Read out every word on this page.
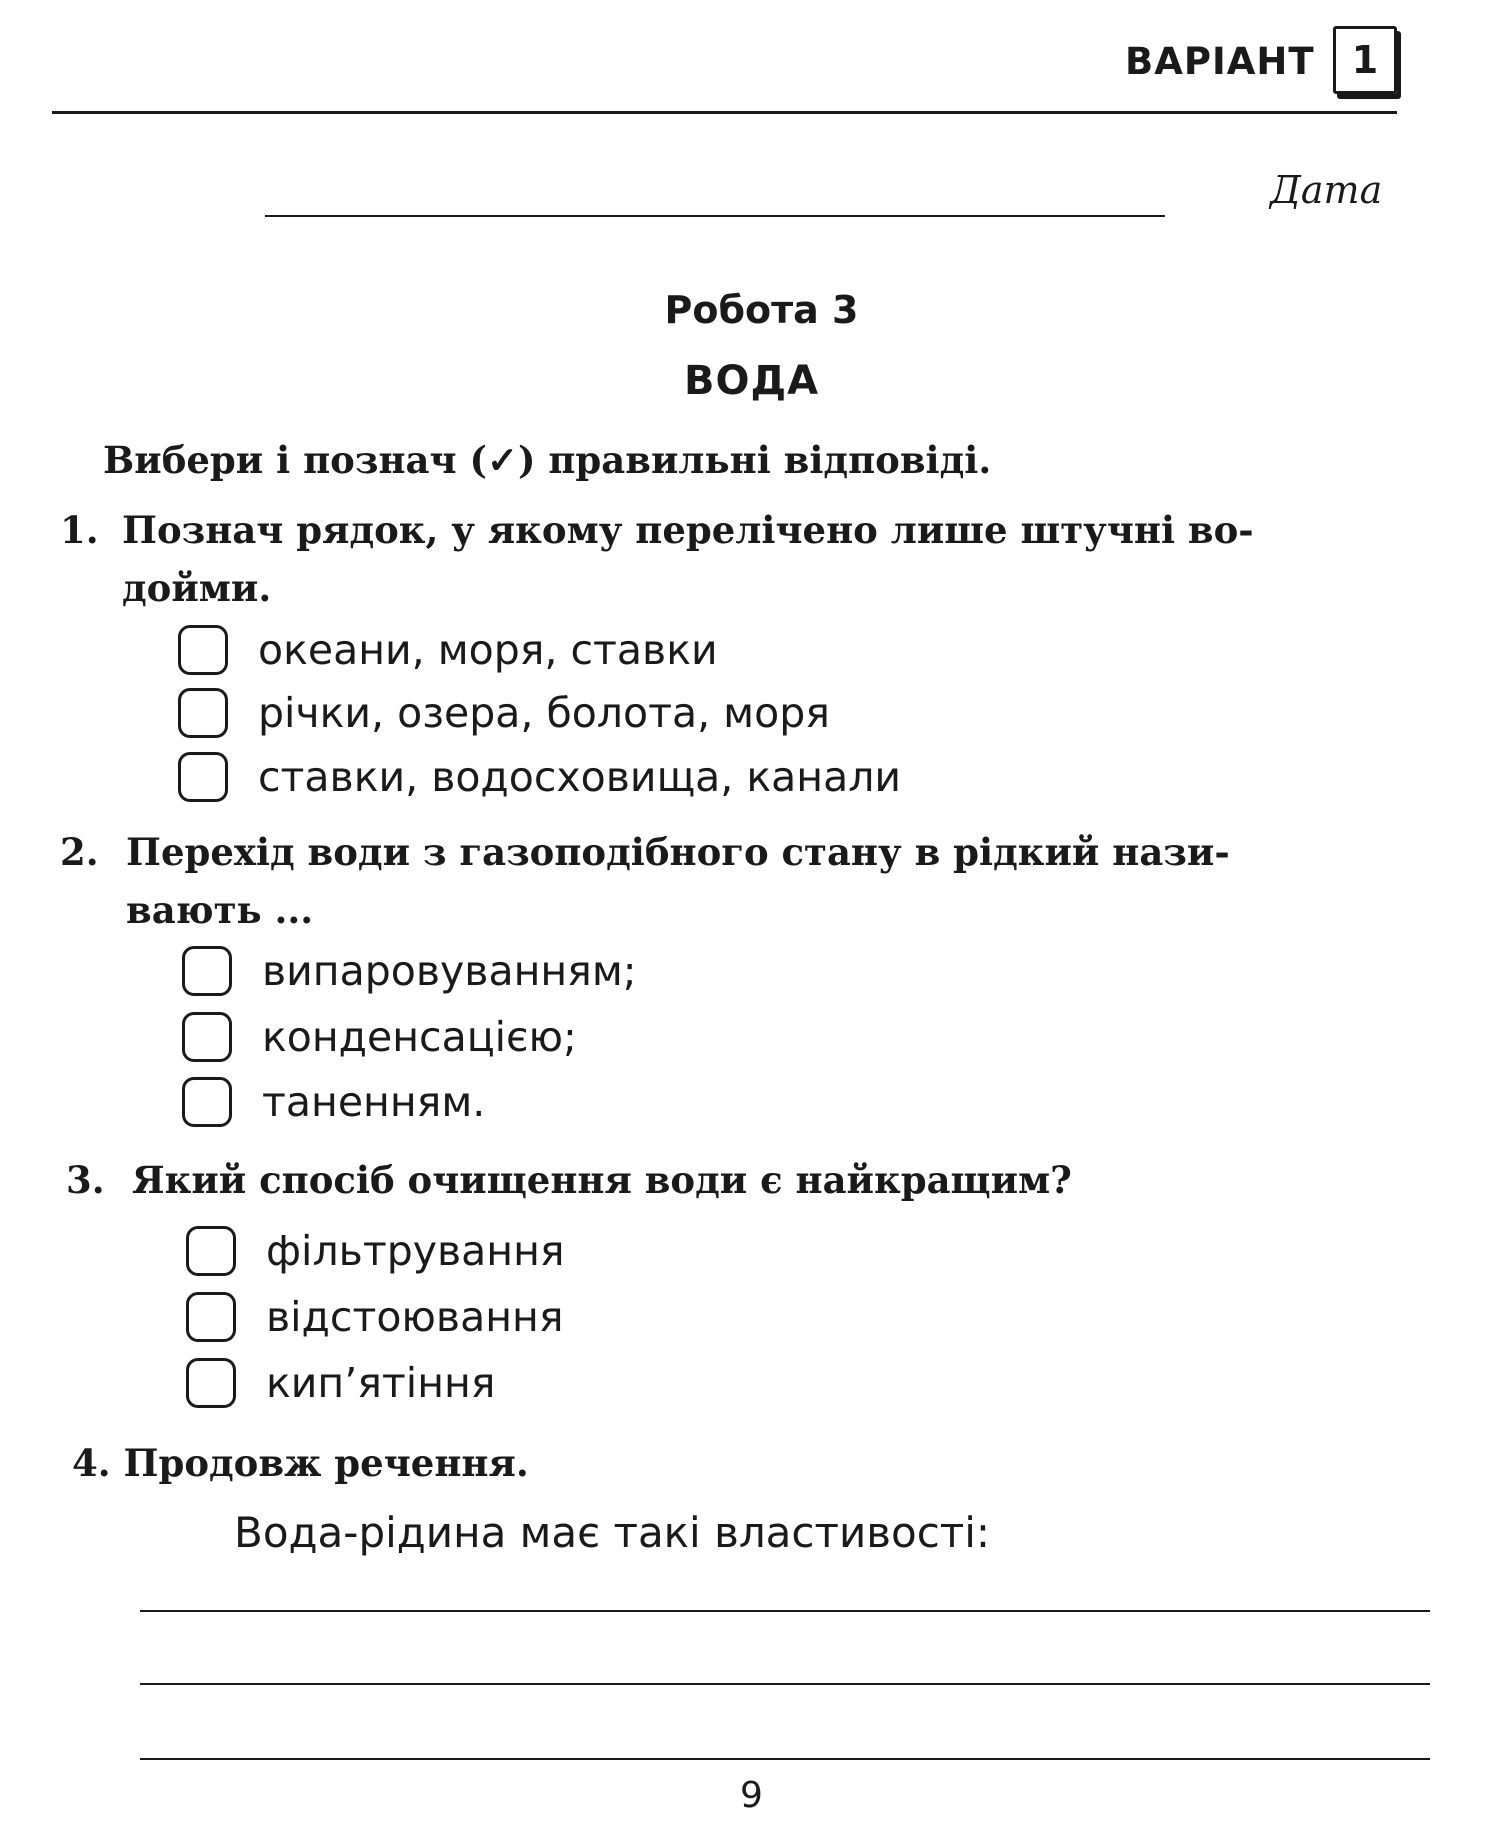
ВАРІАНТ 1
Дата
Робота 3
ВОДА
Вибери і познач (✓) правильні відповіді.
1. Познач рядок, у якому перелічено лише штучні во-
дойми.
океани, моря, ставки
річки, озера, болота, моря
ставки, водосховища, канали
2. Перехід води з газоподібного стану в рідкий нази-
вають ...
випаровуванням;
конденсацією;
таненням.
3. Який спосіб очищення води є найкращим?
фільтрування
відстоювання
кип’ятіння
4. Продовж речення.
Вода-рідина має такі властивості:
9
